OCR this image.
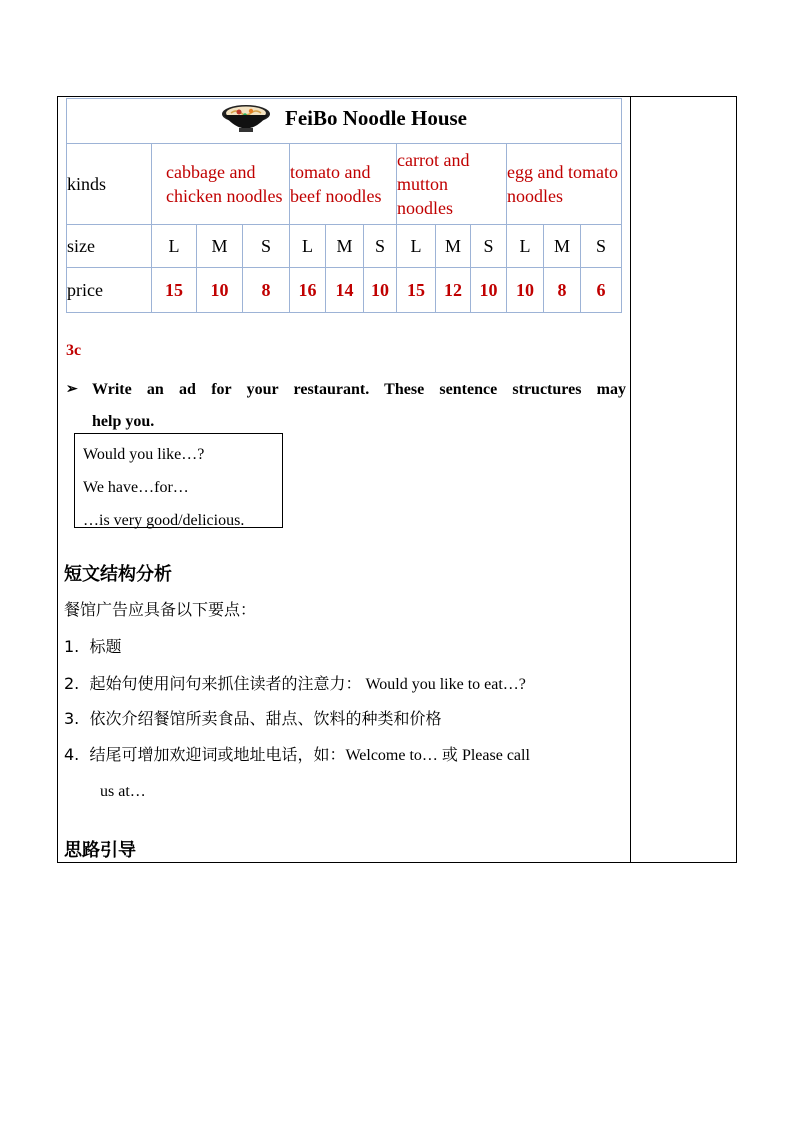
FeiBo Noodle House												

kinds	cabbage and chicken noodles			tomato and beef noodles			carrot and mutton noodles			egg and tomato noodles		
size	L	M	S	L	M	S	L	M	S	L	M	S
price	15	10	8	16	14	10	15	12	10	10	8	6
3c
➢ Write an ad for your restaurant. These sentence structures may
help you.
Would you like…?
We have…for…
…is very good/delicious.
短文结构分析
餐馆广告应具备以下要点：
1. 标题
2. 起始句使用问句来抓住读者的注意力： Would you like to eat…?
3. 依次介绍餐馆所卖食品、甜点、饮料的种类和价格
4. 结尾可增加欢迎词或地址电话，如：Welcome to… 或 Please call
us at…
思路引导
